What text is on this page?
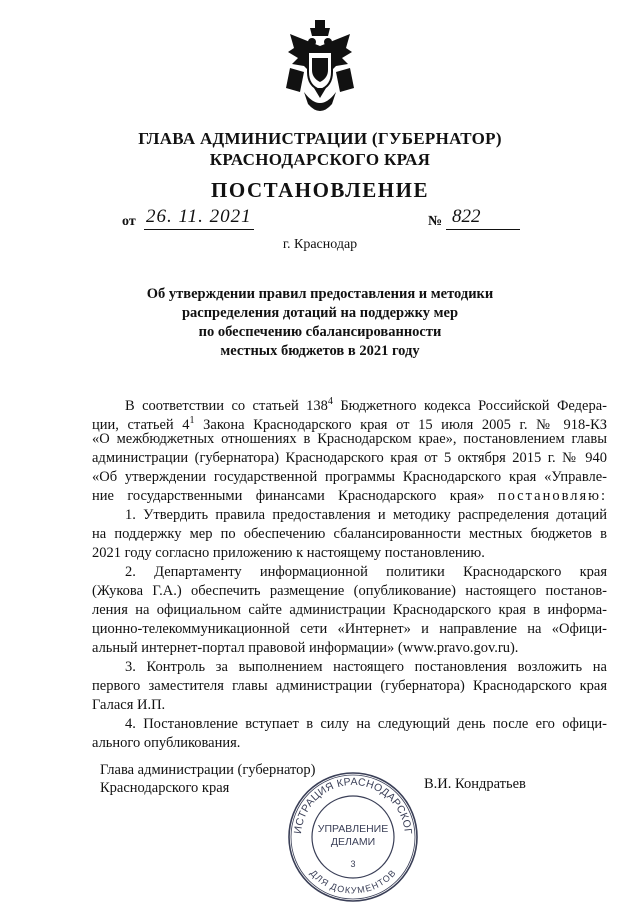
ГЛАВА АДМИНИСТРАЦИИ (ГУБЕРНАТОР)
КРАСНОДАРСКОГО КРАЯ
ПОСТАНОВЛЕНИЕ
от 26. 11. 2021	№ 822
г. Краснодар
Об утверждении правил предоставления и методики
распределения дотаций на поддержку мер
по обеспечению сбалансированности
местных бюджетов в 2021 году
В соответствии со статьей $138^4$ Бюджетного кодекса Российской Федера-
ции, статьей $4^1$ Закона Краснодарского края от 15 июля 2005 г. № 918-КЗ
«О межбюджетных отношениях в Краснодарском крае», постановлением главы
администрации (губернатора) Краснодарского края от 5 октября 2015 г. № 940
«Об утверждении государственной программы Краснодарского края «Управле-
ние государственными финансами Краснодарского края» постановляю:
1. Утвердить правила предоставления и методику распределения дотаций
на поддержку мер по обеспечению сбалансированности местных бюджетов в
2021 году согласно приложению к настоящему постановлению.
2. Департаменту информационной политики Краснодарского края
(Жукова Г.А.) обеспечить размещение (опубликование) настоящего постанов-
ления на официальном сайте администрации Краснодарского края в информа-
ционно-телекоммуникационной сети «Интернет» и направление на «Офици-
альный интернет-портал правовой информации» (www.pravo.gov.ru).
3. Контроль за выполнением настоящего постановления возложить на
первого заместителя главы администрации (губернатора) Краснодарского края
Галася И.П.
4. Постановление вступает в силу на следующий день после его офици-
ального опубликования.
Глава администрации (губернатор)
Краснодарского края	В.И. Кондратьев
ИСТРАЦИЯ КРАСНОДАРСКОГ
ДЛЯ ДОКУМЕНТОВ
УПРАВЛЕНИЕ
ДЕЛАМИ
3
